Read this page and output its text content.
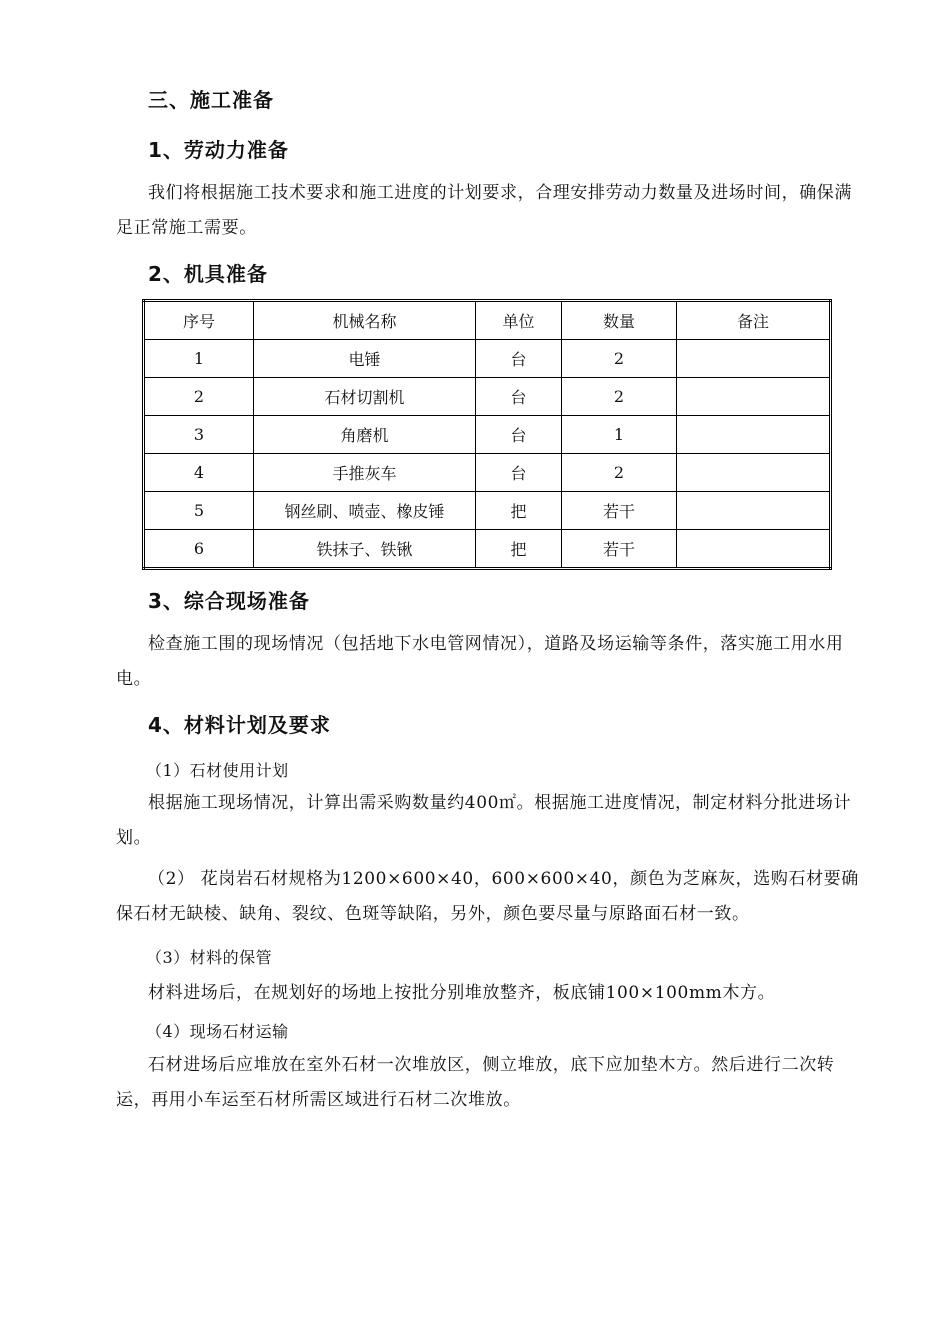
三、施工准备
1、劳动力准备
我们将根据施工技术要求和施工进度的计划要求，合理安排劳动力数量及进场时间，确保满足正常施工需要。
2、机具准备
序号	机械名称	单位	数量	备注
1	电锤	台	2	
2	石材切割机	台	2	
3	角磨机	台	1	
4	手推灰车	台	2	
5	钢丝刷、喷壶、橡皮锤	把	若干	
6	铁抹子、铁锹	把	若干	
3、综合现场准备
检查施工围的现场情况（包括地下水电管网情况），道路及场运输等条件，落实施工用水用电。
4、材料计划及要求
（1）石材使用计划
根据施工现场情况，计算出需采购数量约400㎡。根据施工进度情况，制定材料分批进场计划。
（2） 花岗岩石材规格为1200×600×40，600×600×40，颜色为芝麻灰，选购石材要确保石材无缺棱、缺角、裂纹、色斑等缺陷，另外，颜色要尽量与原路面石材一致。
（3）材料的保管
材料进场后，在规划好的场地上按批分别堆放整齐，板底铺100×100mm木方。
（4）现场石材运输
石材进场后应堆放在室外石材一次堆放区，侧立堆放，底下应加垫木方。然后进行二次转运，再用小车运至石材所需区域进行石材二次堆放。
